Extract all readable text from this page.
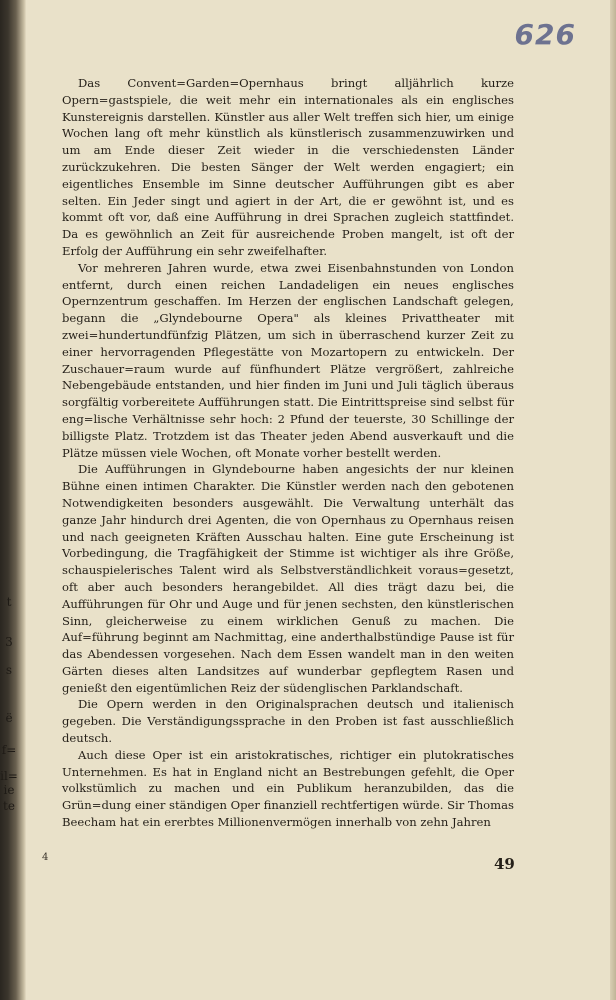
t
3
s
ë
f=
il=
ie
te
626

Das Convent=Garden=Opernhaus bringt alljährlich kurze Opern=gastspiele, die weit mehr ein internationales als ein englisches Kunstereignis darstellen. Künstler aus aller Welt treffen sich hier, um einige Wochen lang oft mehr künstlich als künstlerisch zusammenzuwirken und um am Ende dieser Zeit wieder in die verschiedensten Länder zurückzukehren. Die besten Sänger der Welt werden engagiert; ein eigentliches Ensemble im Sinne deutscher Aufführungen gibt es aber selten. Ein Jeder singt und agiert in der Art, die er gewöhnt ist, und es kommt oft vor, daß eine Aufführung in drei Sprachen zugleich stattfindet. Da es gewöhnlich an Zeit für ausreichende Proben mangelt, ist oft der Erfolg der Aufführung ein sehr zweifelhafter.

Vor mehreren Jahren wurde, etwa zwei Eisenbahnstunden von London entfernt, durch einen reichen Landadeligen ein neues englisches Opernzentrum geschaffen. Im Herzen der englischen Landschaft gelegen, begann die „Glyndebourne Opera" als kleines Privattheater mit zwei=hundertundfünfzig Plätzen, um sich in überraschend kurzer Zeit zu einer hervorragenden Pflegestätte von Mozartopern zu entwickeln. Der Zuschauer=raum wurde auf fünfhundert Plätze vergrößert, zahlreiche Nebengebäude entstanden, und hier finden im Juni und Juli täglich überaus sorgfältig vorbereitete Aufführungen statt. Die Eintrittspreise sind selbst für eng=lische Verhältnisse sehr hoch: 2 Pfund der teuerste, 30 Schillinge der billigste Platz. Trotzdem ist das Theater jeden Abend ausverkauft und die Plätze müssen viele Wochen, oft Monate vorher bestellt werden.

Die Aufführungen in Glyndebourne haben angesichts der nur kleinen Bühne einen intimen Charakter. Die Künstler werden nach den gebotenen Notwendigkeiten besonders ausgewählt. Die Verwaltung unterhält das ganze Jahr hindurch drei Agenten, die von Opernhaus zu Opernhaus reisen und nach geeigneten Kräften Ausschau halten. Eine gute Erscheinung ist Vorbedingung, die Tragfähigkeit der Stimme ist wichtiger als ihre Größe, schauspielerisches Talent wird als Selbstverständlichkeit voraus=gesetzt, oft aber auch besonders herangebildet. All dies trägt dazu bei, die Aufführungen für Ohr und Auge und für jenen sechsten, den künstlerischen Sinn, gleicherweise zu einem wirklichen Genuß zu machen. Die Auf=führung beginnt am Nachmittag, eine anderthalbstündige Pause ist für das Abendessen vorgesehen. Nach dem Essen wandelt man in den weiten Gärten dieses alten Landsitzes auf wunderbar gepflegtem Rasen und genießt den eigentümlichen Reiz der südenglischen Parklandschaft.

Die Opern werden in den Originalsprachen deutsch und italienisch gegeben. Die Verständigungssprache in den Proben ist fast ausschließlich deutsch.

Auch diese Oper ist ein aristokratisches, richtiger ein plutokratisches Unternehmen. Es hat in England nicht an Bestrebungen gefehlt, die Oper volkstümlich zu machen und ein Publikum heranzubilden, das die Grün=dung einer ständigen Oper finanziell rechtfertigen würde. Sir Thomas Beecham hat ein ererbtes Millionenvermögen innerhalb von zehn Jahren

4	49
